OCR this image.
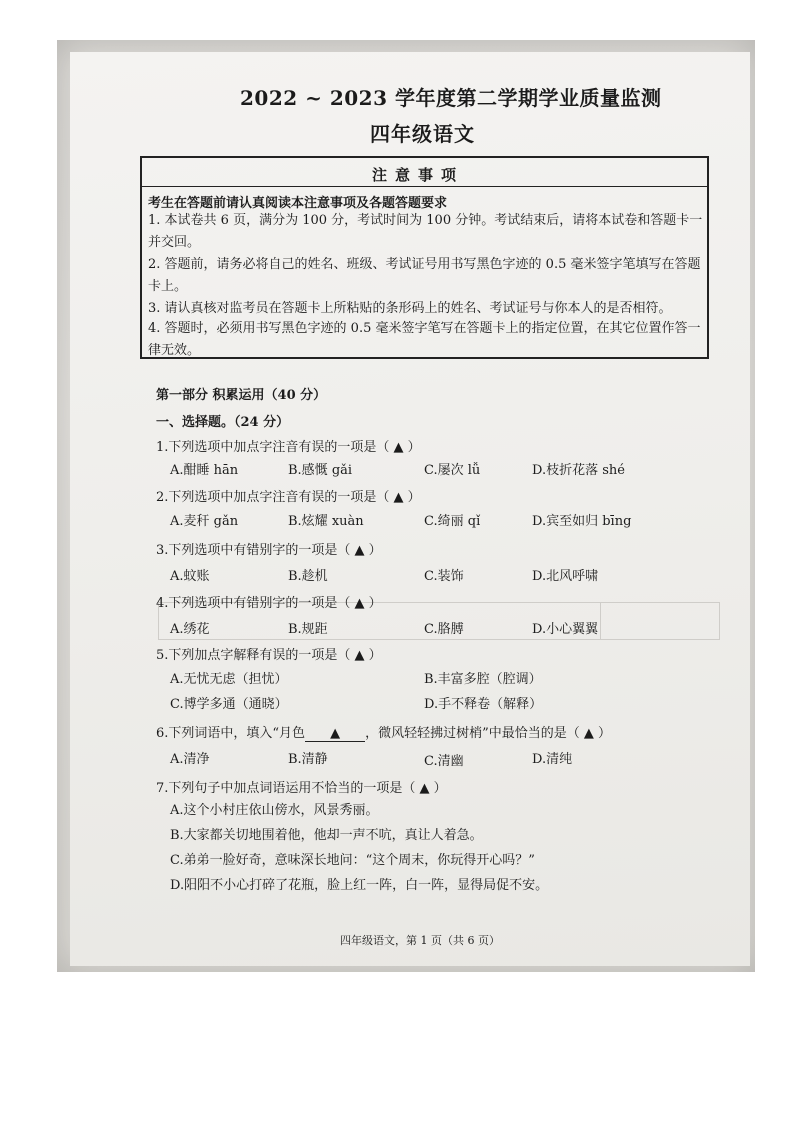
2022 ~ 2023 学年度第二学期学业质量监测
四年级语文
注意事项
考生在答题前请认真阅读本注意事项及各题答题要求
1. 本试卷共 6 页，满分为 100 分，考试时间为 100 分钟。考试结束后，请将本试卷和答题卡一并交回。
2. 答题前，请务必将自己的姓名、班级、考试证号用书写黑色字迹的 0.5 毫米签字笔填写在答题卡上。
3. 请认真核对监考员在答题卡上所粘贴的条形码上的姓名、考试证号与你本人的是否相符。
4. 答题时，必须用书写黑色字迹的 0.5 毫米签字笔写在答题卡上的指定位置，在其它位置作答一律无效。
第一部分 积累运用（40 分）
一、选择题。（24 分）
1.下列选项中加点字注音有误的一项是（ ▲ ）
A.酣睡 hān	B.感慨 gǎi	C.屡次 lǚ	D.枝折花落 shé
2.下列选项中加点字注音有误的一项是（ ▲ ）
A.麦秆 gǎn	B.炫耀 xuàn	C.绮丽 qǐ	D.宾至如归 bīng
3.下列选项中有错别字的一项是（ ▲ ）
A.蚊账	B.趁机	C.装饰	D.北风呼啸
4.下列选项中有错别字的一项是（ ▲ ）
A.绣花	B.规距	C.胳膊	D.小心翼翼
5.下列加点字解释有误的一项是（ ▲ ）
A.无忧无虑（担忧）	B.丰富多腔（腔调）
C.博学多通（通晓）	D.手不释卷（解释）
6.下列词语中，填入“月色 ▲ ，微风轻轻拂过树梢”中最恰当的是（ ▲ ）
A.清净	B.清静	C.清幽	D.清纯
7.下列句子中加点词语运用不恰当的一项是（ ▲ ）
A.这个小村庄依山傍水，风景秀丽。
B.大家都关切地围着他，他却一声不吭，真让人着急。
C.弟弟一脸好奇，意味深长地问：“这个周末，你玩得开心吗？”
D.阳阳不小心打碎了花瓶，脸上红一阵，白一阵，显得局促不安。
四年级语文，第 1 页（共 6 页）
